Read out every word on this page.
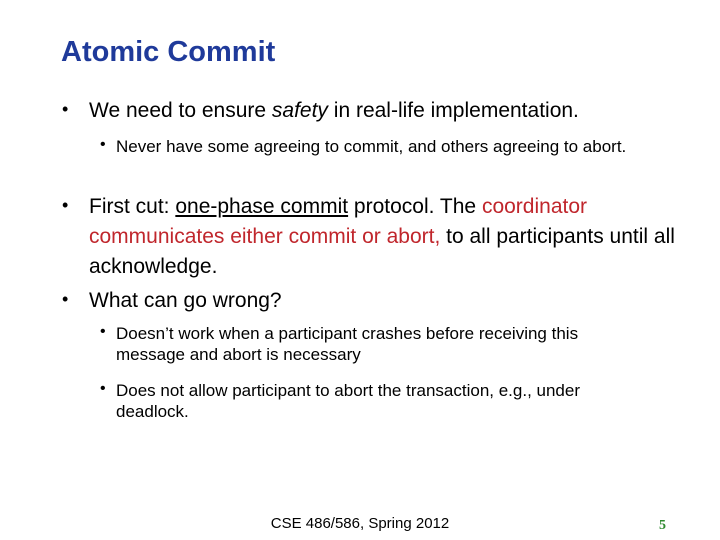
Atomic Commit
• We need to ensure safety in real-life implementation.
• Never have some agreeing to commit, and others agreeing to abort.
• First cut: one-phase commit protocol. The coordinator communicates either commit or abort, to all participants until all acknowledge.
• What can go wrong?
• Doesn’t work when a participant crashes before receiving this message and abort is necessary
• Does not allow participant to abort the transaction, e.g., under deadlock.
CSE 486/586, Spring 2012	5
